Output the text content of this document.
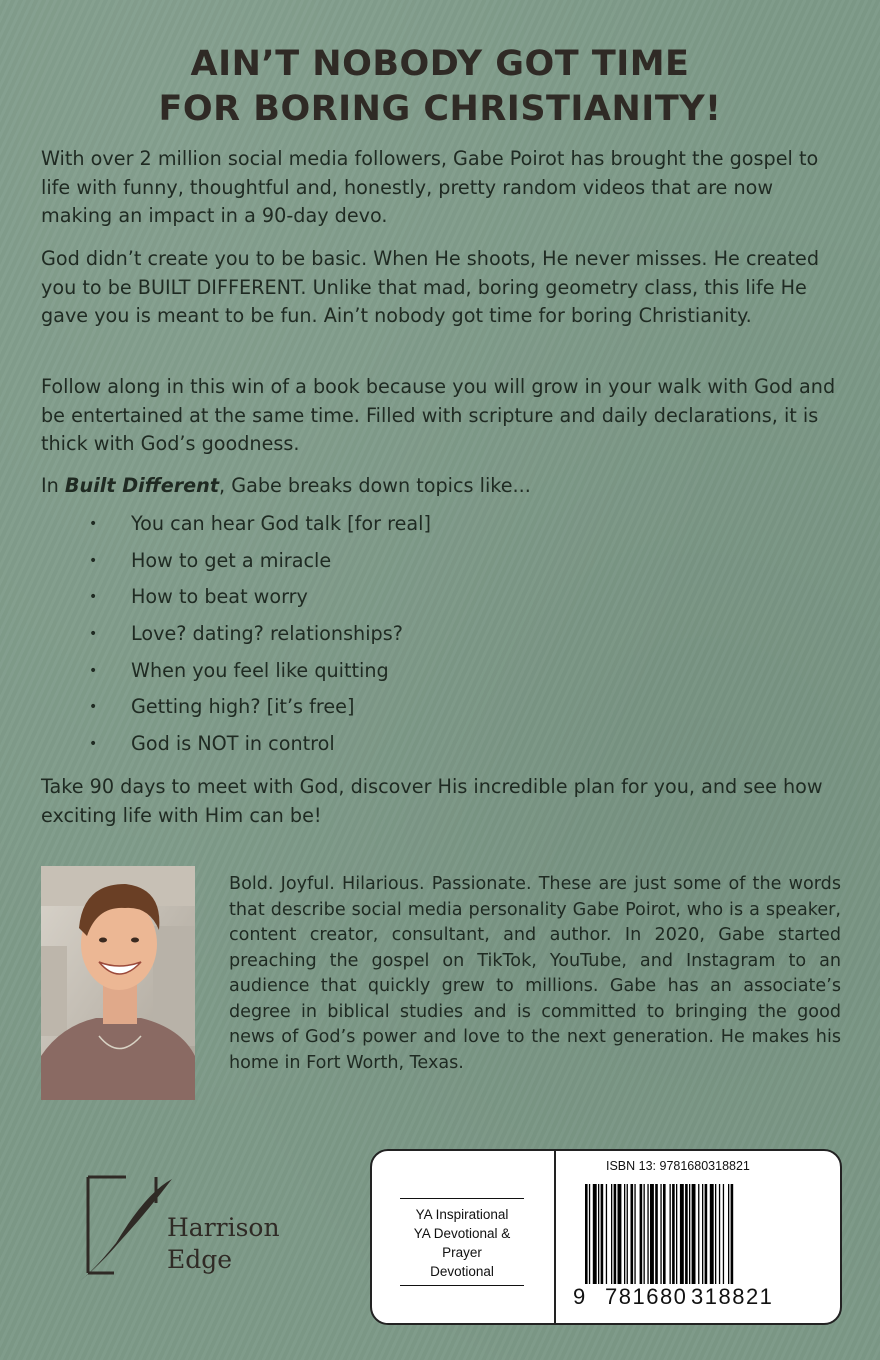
AIN’T NOBODY GOT TIME
FOR BORING CHRISTIANITY!
With over 2 million social media followers, Gabe Poirot has brought the gospel to life with funny, thoughtful and, honestly, pretty random videos that are now making an impact in a 90-day devo.
God didn’t create you to be basic. When He shoots, He never misses. He created you to be BUILT DIFFERENT. Unlike that mad, boring geometry class, this life He gave you is meant to be fun. Ain’t nobody got time for boring Christianity.
Follow along in this win of a book because you will grow in your walk with God and be entertained at the same time. Filled with scripture and daily declarations, it is thick with God’s goodness.
In Built Different, Gabe breaks down topics like...
• You can hear God talk [for real]
• How to get a miracle
• How to beat worry
• Love? dating? relationships?
• When you feel like quitting
• Getting high? [it’s free]
• God is NOT in control
Take 90 days to meet with God, discover His incredible plan for you, and see how exciting life with Him can be!
Bold. Joyful. Hilarious. Passionate. These are just some of the words that describe social media personality Gabe Poirot, who is a speaker, content creator, consultant, and author. In 2020, Gabe started preaching the gospel on TikTok, YouTube, and Instagram to an audience that quickly grew to millions. Gabe has an associate’s degree in biblical studies and is committed to bringing the good news of God’s power and love to the next generation. He makes his home in Fort Worth, Texas.
Harrison
Edge
YA Inspirational
YA Devotional & Prayer
Devotional
ISBN 13: 9781680318821
9 781680 318821
